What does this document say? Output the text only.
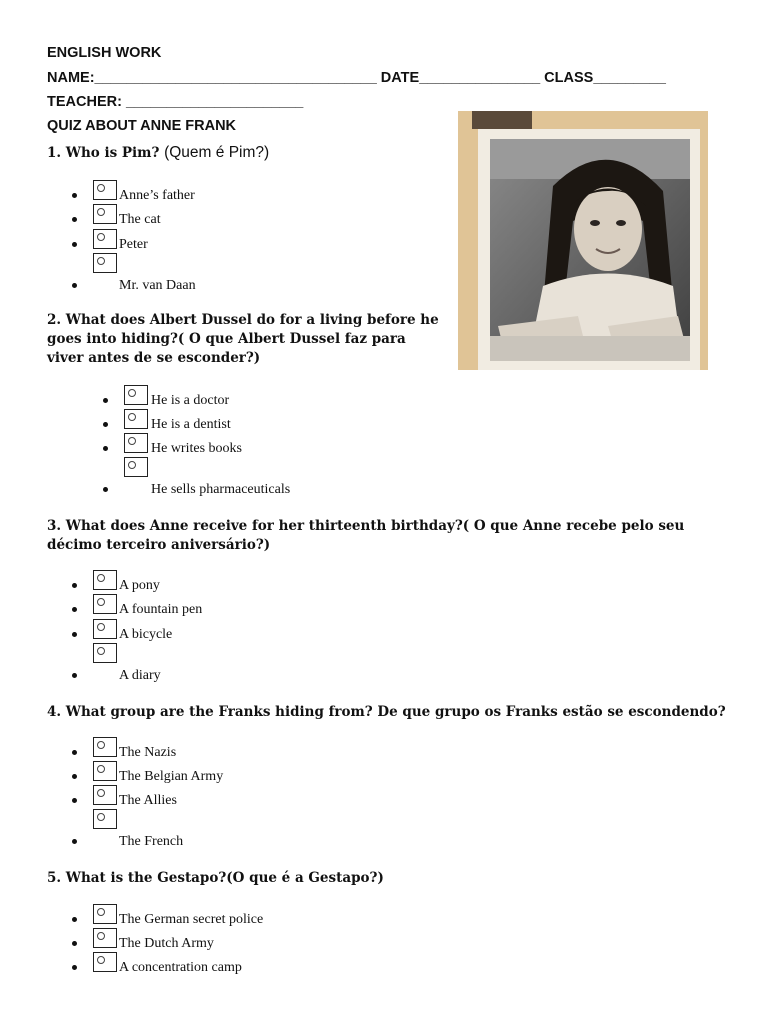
ENGLISH WORK
NAME:___________________________________ DATE_______________ CLASS_________
TEACHER: ______________________
QUIZ ABOUT ANNE FRANK
1. Who is Pim? (Quem é Pim?)
Anne’s father
The cat
Peter
Mr. van Daan
2. What does Albert Dussel do for a living before he goes into hiding?( O que Albert Dussel faz para viver antes de se esconder?)
He is a doctor
He is a dentist
He writes books
He sells pharmaceuticals
3. What does Anne receive for her thirteenth birthday?( O que Anne recebe pelo seu décimo terceiro aniversário?)
A pony
A fountain pen
A bicycle
A diary
4. What group are the Franks hiding from? De que grupo os Franks estão se escondendo?
The Nazis
The Belgian Army
The Allies
The French
5. What is the Gestapo?(O que é a Gestapo?)
The German secret police
The Dutch Army
A concentration camp
